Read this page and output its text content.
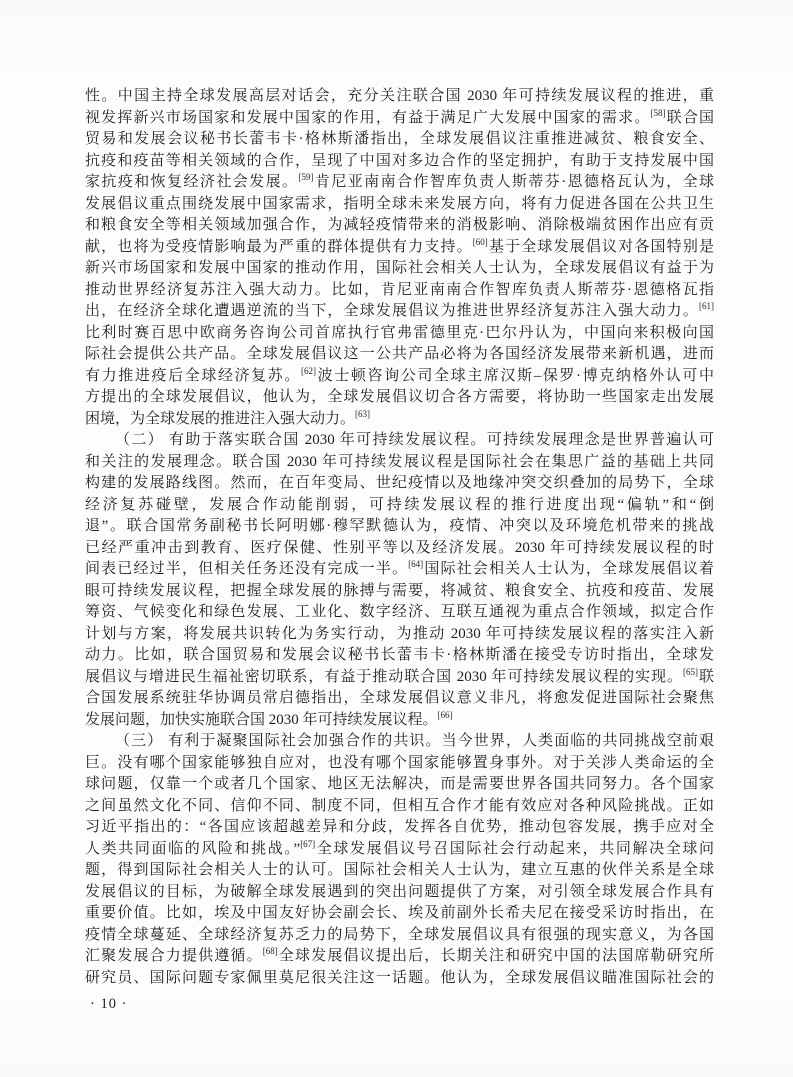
性。中国主持全球发展高层对话会，充分关注联合国 2030 年可持续发展议程的推进，重
视发挥新兴市场国家和发展中国家的作用，有益于满足广大发展中国家的需求。[58]联合国
贸易和发展会议秘书长蕾韦卡·格林斯潘指出，全球发展倡议注重推进减贫、粮食安全、
抗疫和疫苗等相关领域的合作，呈现了中国对多边合作的坚定拥护，有助于支持发展中国
家抗疫和恢复经济社会发展。[59]肯尼亚南南合作智库负责人斯蒂芬·恩德格瓦认为，全球
发展倡议重点围绕发展中国家需求，指明全球未来发展方向，将有力促进各国在公共卫生
和粮食安全等相关领域加强合作，为减轻疫情带来的消极影响、消除极端贫困作出应有贡
献，也将为受疫情影响最为严重的群体提供有力支持。[60]基于全球发展倡议对各国特别是
新兴市场国家和发展中国家的推动作用，国际社会相关人士认为，全球发展倡议有益于为
推动世界经济复苏注入强大动力。比如，肯尼亚南南合作智库负责人斯蒂芬·恩德格瓦指
出，在经济全球化遭遇逆流的当下，全球发展倡议为推进世界经济复苏注入强大动力。[61]
比利时赛百思中欧商务咨询公司首席执行官弗雷德里克·巴尔丹认为，中国向来积极向国
际社会提供公共产品。全球发展倡议这一公共产品必将为各国经济发展带来新机遇，进而
有力推进疫后全球经济复苏。[62]波士顿咨询公司全球主席汉斯–保罗·博克纳格外认可中
方提出的全球发展倡议，他认为，全球发展倡议切合各方需要，将协助一些国家走出发展
困境，为全球发展的推进注入强大动力。[63]
（二） 有助于落实联合国 2030 年可持续发展议程。可持续发展理念是世界普遍认可
和关注的发展理念。联合国 2030 年可持续发展议程是国际社会在集思广益的基础上共同
构建的发展路线图。然而，在百年变局、世纪疫情以及地缘冲突交织叠加的局势下，全球
经济复苏碰壁，发展合作动能削弱，可持续发展议程的推行进度出现“偏轨”和“倒
退”。联合国常务副秘书长阿明娜·穆罕默德认为，疫情、冲突以及环境危机带来的挑战
已经严重冲击到教育、医疗保健、性别平等以及经济发展。2030 年可持续发展议程的时
间表已经过半，但相关任务还没有完成一半。[64]国际社会相关人士认为，全球发展倡议着
眼可持续发展议程，把握全球发展的脉搏与需要，将减贫、粮食安全、抗疫和疫苗、发展
筹资、气候变化和绿色发展、工业化、数字经济、互联互通视为重点合作领域，拟定合作
计划与方案，将发展共识转化为务实行动，为推动 2030 年可持续发展议程的落实注入新
动力。比如，联合国贸易和发展会议秘书长蕾韦卡·格林斯潘在接受专访时指出，全球发
展倡议与增进民生福祉密切联系，有益于推动联合国 2030 年可持续发展议程的实现。[65]联
合国发展系统驻华协调员常启德指出，全球发展倡议意义非凡，将愈发促进国际社会聚焦
发展问题，加快实施联合国 2030 年可持续发展议程。[66]
（三） 有利于凝聚国际社会加强合作的共识。当今世界，人类面临的共同挑战空前艰
巨。没有哪个国家能够独自应对，也没有哪个国家能够置身事外。对于关涉人类命运的全
球问题，仅靠一个或者几个国家、地区无法解决，而是需要世界各国共同努力。各个国家
之间虽然文化不同、信仰不同、制度不同，但相互合作才能有效应对各种风险挑战。正如
习近平指出的：“各国应该超越差异和分歧，发挥各自优势，推动包容发展，携手应对全
人类共同面临的风险和挑战。”[67]全球发展倡议号召国际社会行动起来，共同解决全球问
题，得到国际社会相关人士的认可。国际社会相关人士认为，建立互惠的伙伴关系是全球
发展倡议的目标，为破解全球发展遇到的突出问题提供了方案，对引领全球发展合作具有
重要价值。比如，埃及中国友好协会副会长、埃及前副外长希夫尼在接受采访时指出，在
疫情全球蔓延、全球经济复苏乏力的局势下，全球发展倡议具有很强的现实意义，为各国
汇聚发展合力提供遵循。[68]全球发展倡议提出后，长期关注和研究中国的法国席勒研究所
研究员、国际问题专家佩里莫尼很关注这一话题。他认为，全球发展倡议瞄准国际社会的
· 10 ·
